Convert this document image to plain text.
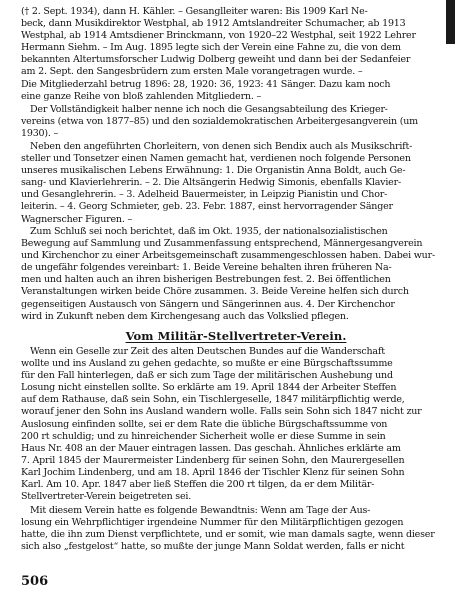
(† 2. Sept. 1934), dann H. Kähler. – Gesanglleiter waren: Bis 1909 Karl Ne-
beck, dann Musikdirektor Westphal, ab 1912 Amtslandreiter Schumacher, ab 1913
Westphal, ab 1914 Amtsdiener Brinckmann, von 1920–22 Westphal, seit 1922 Lehrer
Hermann Siehm. – Im Aug. 1895 legte sich der Verein eine Fahne zu, die von dem
bekannten Altertumsforscher Ludwig Dolberg geweiht und dann bei der Sedanfeier
am 2. Sept. den Sangesbrüdern zum ersten Male vorangetragen wurde. –
Die Mitgliederzahl betrug 1896: 28, 1920: 36, 1923: 41 Sänger. Dazu kam noch
eine ganze Reihe von bloß zahlenden Mitgliedern. –
Der Vollständigkeit halber nenne ich noch die Gesangsabteilung des Krieger-
vereins (etwa von 1877–85) und den sozialdemokratischen Arbeitergesangverein (um
1930). –
Neben den angeführten Chorleitern, von denen sich Bendix auch als Musikschrift-
steller und Tonsetzer einen Namen gemacht hat, verdienen noch folgende Personen
unseres musikalischen Lebens Erwähnung: 1. Die Organistin Anna Boldt, auch Ge-
sang- und Klavierlehrerin. – 2. Die Altsängerin Hedwig Simonis, ebenfalls Klavier-
und Gesanglehrerin. – 3. Adelheid Bauermeister, in Leipzig Pianistin und Chor-
leiterin. – 4. Georg Schmieter, geb. 23. Febr. 1887, einst hervorragender Sänger
Wagnerscher Figuren. –
Zum Schluß sei noch berichtet, daß im Okt. 1935, der nationalsozialistischen
Bewegung auf Sammlung und Zusammenfassung entsprechend, Männergesangverein
und Kirchenchor zu einer Arbeitsgemeinschaft zusammengeschlossen haben. Dabei wur-
de ungefähr folgendes vereinbart: 1. Beide Vereine behalten ihren früheren Na-
men und halten auch an ihren bisherigen Bestrebungen fest. 2. Bei öffentlichen
Veranstaltungen wirken beide Chöre zusammen. 3. Beide Vereine helfen sich durch
gegenseitigen Austausch von Sängern und Sängerinnen aus. 4. Der Kirchenchor
wird in Zukunft neben dem Kirchengesang auch das Volkslied pflegen.
Vom Militär-Stellvertreter-Verein.
Wenn ein Geselle zur Zeit des alten Deutschen Bundes auf die Wanderschaft
wollte und ins Ausland zu gehen gedachte, so mußte er eine Bürgschaftssumme
für den Fall hinterlegen, daß er sich zum Tage der militärischen Aushebung und
Losung nicht einstellen sollte. So erklärte am 19. April 1844 der Arbeiter Steffen
auf dem Rathause, daß sein Sohn, ein Tischlergeselle, 1847 militärpflichtig werde,
worauf jener den Sohn ins Ausland wandern wolle. Falls sein Sohn sich 1847 nicht zur
Auslosung einfinden sollte, sei er dem Rate die übliche Bürgschaftssumme von
200 rt schuldig; und zu hinreichender Sicherheit wolle er diese Summe in sein
Haus Nr. 408 an der Mauer eintragen lassen. Das geschah. Ähnliches erklärte am
7. April 1845 der Maurermeister Lindenberg für seinen Sohn, den Maurergesellen
Karl Jochim Lindenberg, und am 18. April 1846 der Tischler Klenz für seinen Sohn
Karl. Am 10. Apr. 1847 aber ließ Steffen die 200 rt tilgen, da er dem Militär-
Stellvertreter-Verein beigetreten sei.
Mit diesem Verein hatte es folgende Bewandtnis: Wenn am Tage der Aus-
losung ein Wehrpflichtiger irgendeine Nummer für den Militärpflichtigen gezogen
hatte, die ihn zum Dienst verpflichtete, und er somit, wie man damals sagte, wenn dieser
sich also „festgelost“ hatte, so mußte der junge Mann Soldat werden, falls er nicht
506
